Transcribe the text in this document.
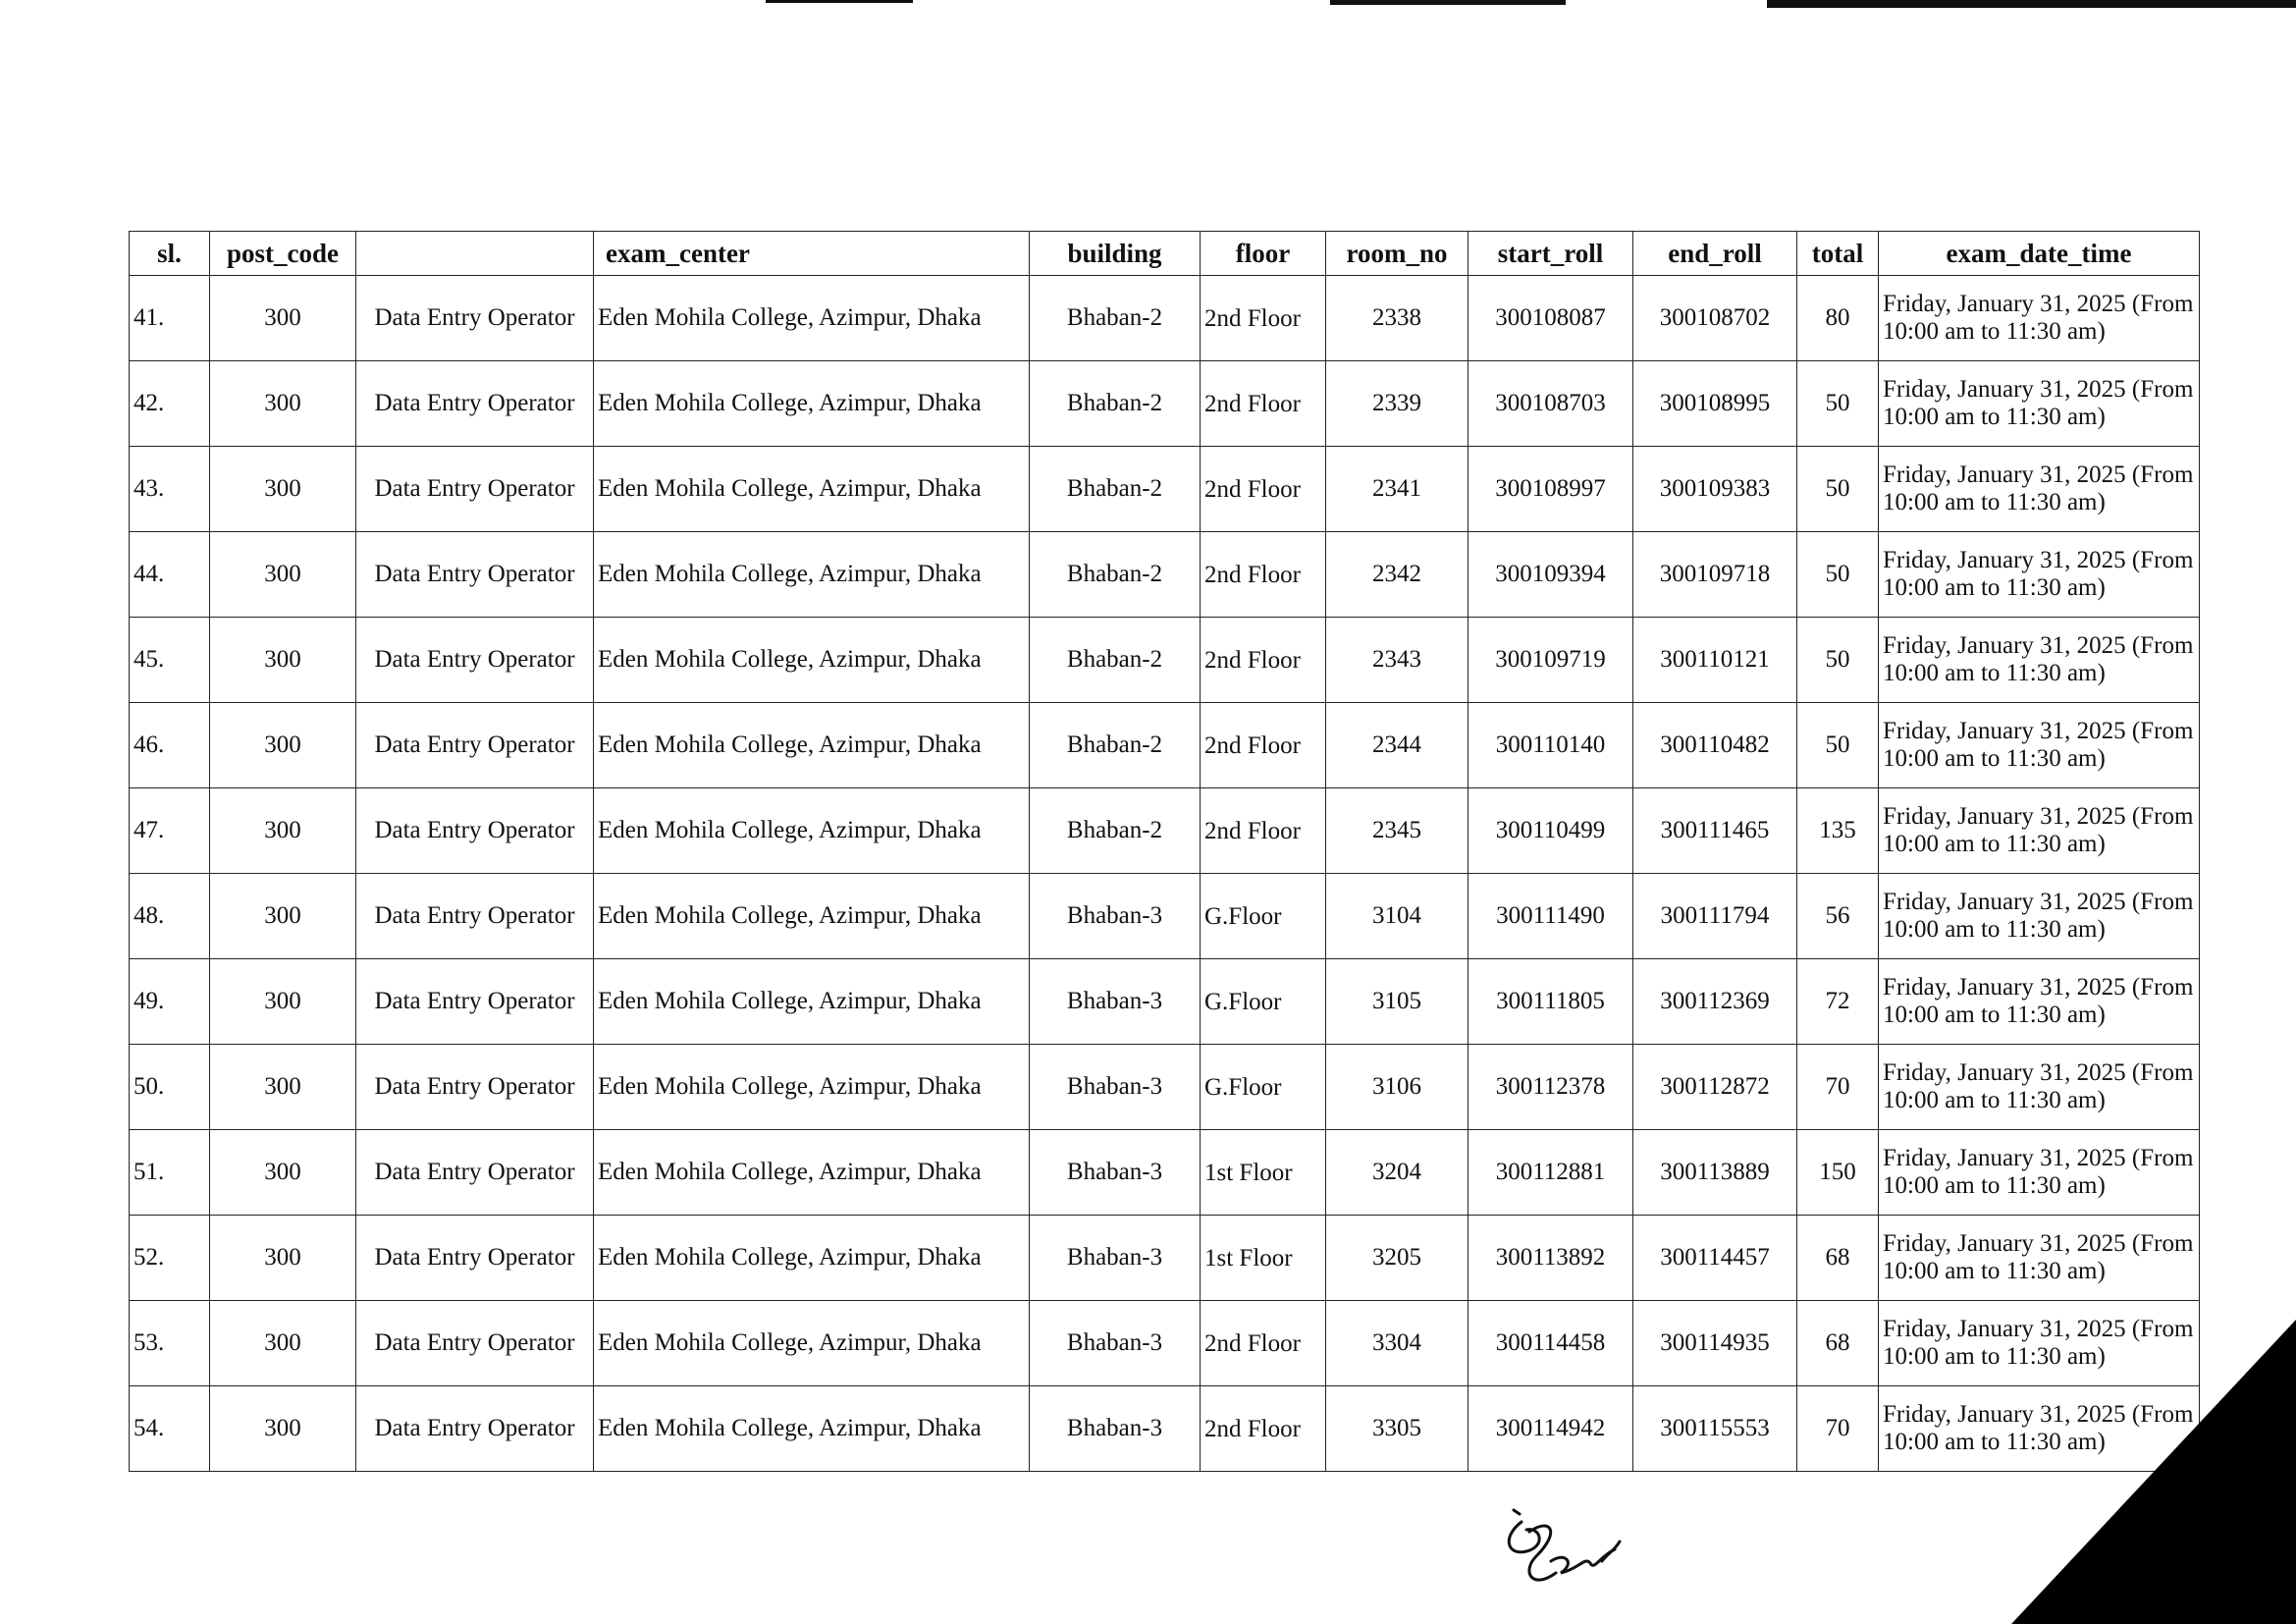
sl.	post_code		exam_center	building	floor	room_no	start_roll	end_roll	total	exam_date_time
41.	300	Data Entry Operator	Eden Mohila College, Azimpur, Dhaka	Bhaban-2	2nd Floor	2338	300108087	300108702	80	Friday, January 31, 2025 (From 10:00 am to 11:30 am)
42.	300	Data Entry Operator	Eden Mohila College, Azimpur, Dhaka	Bhaban-2	2nd Floor	2339	300108703	300108995	50	Friday, January 31, 2025 (From 10:00 am to 11:30 am)
43.	300	Data Entry Operator	Eden Mohila College, Azimpur, Dhaka	Bhaban-2	2nd Floor	2341	300108997	300109383	50	Friday, January 31, 2025 (From 10:00 am to 11:30 am)
44.	300	Data Entry Operator	Eden Mohila College, Azimpur, Dhaka	Bhaban-2	2nd Floor	2342	300109394	300109718	50	Friday, January 31, 2025 (From 10:00 am to 11:30 am)
45.	300	Data Entry Operator	Eden Mohila College, Azimpur, Dhaka	Bhaban-2	2nd Floor	2343	300109719	300110121	50	Friday, January 31, 2025 (From 10:00 am to 11:30 am)
46.	300	Data Entry Operator	Eden Mohila College, Azimpur, Dhaka	Bhaban-2	2nd Floor	2344	300110140	300110482	50	Friday, January 31, 2025 (From 10:00 am to 11:30 am)
47.	300	Data Entry Operator	Eden Mohila College, Azimpur, Dhaka	Bhaban-2	2nd Floor	2345	300110499	300111465	135	Friday, January 31, 2025 (From 10:00 am to 11:30 am)
48.	300	Data Entry Operator	Eden Mohila College, Azimpur, Dhaka	Bhaban-3	G.Floor	3104	300111490	300111794	56	Friday, January 31, 2025 (From 10:00 am to 11:30 am)
49.	300	Data Entry Operator	Eden Mohila College, Azimpur, Dhaka	Bhaban-3	G.Floor	3105	300111805	300112369	72	Friday, January 31, 2025 (From 10:00 am to 11:30 am)
50.	300	Data Entry Operator	Eden Mohila College, Azimpur, Dhaka	Bhaban-3	G.Floor	3106	300112378	300112872	70	Friday, January 31, 2025 (From 10:00 am to 11:30 am)
51.	300	Data Entry Operator	Eden Mohila College, Azimpur, Dhaka	Bhaban-3	1st Floor	3204	300112881	300113889	150	Friday, January 31, 2025 (From 10:00 am to 11:30 am)
52.	300	Data Entry Operator	Eden Mohila College, Azimpur, Dhaka	Bhaban-3	1st Floor	3205	300113892	300114457	68	Friday, January 31, 2025 (From 10:00 am to 11:30 am)
53.	300	Data Entry Operator	Eden Mohila College, Azimpur, Dhaka	Bhaban-3	2nd Floor	3304	300114458	300114935	68	Friday, January 31, 2025 (From 10:00 am to 11:30 am)
54.	300	Data Entry Operator	Eden Mohila College, Azimpur, Dhaka	Bhaban-3	2nd Floor	3305	300114942	300115553	70	Friday, January 31, 2025 (From 10:00 am to 11:30 am)
